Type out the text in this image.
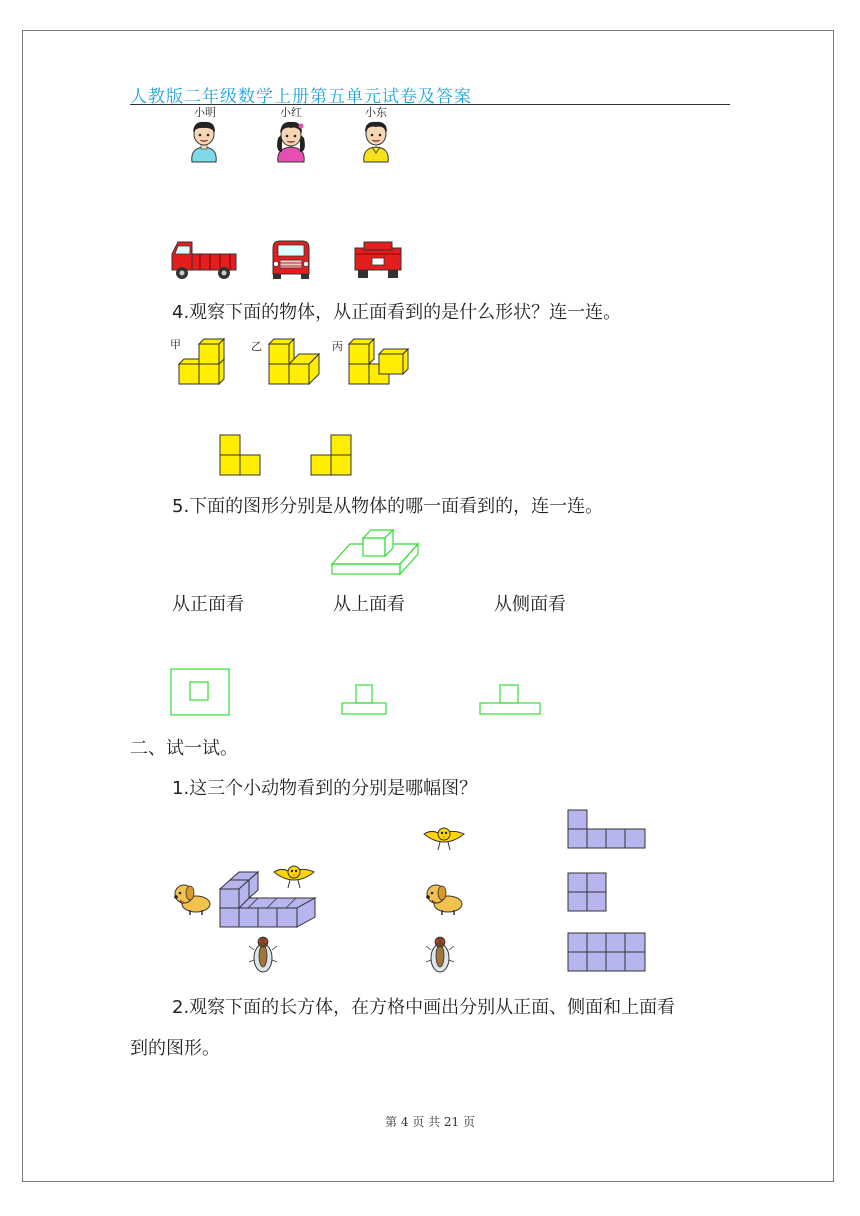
人教版二年级数学上册第五单元试卷及答案
小明	小红	小东
4.观察下面的物体，从正面看到的是什么形状？连一连。
甲	乙	丙
5.下面的图形分别是从物体的哪一面看到的，连一连。
从正面看	从上面看	从侧面看
二、试一试。
1.这三个小动物看到的分别是哪幅图？
2.观察下面的长方体，在方格中画出分别从正面、侧面和上面看
到的图形。
第 4 页 共 21 页
